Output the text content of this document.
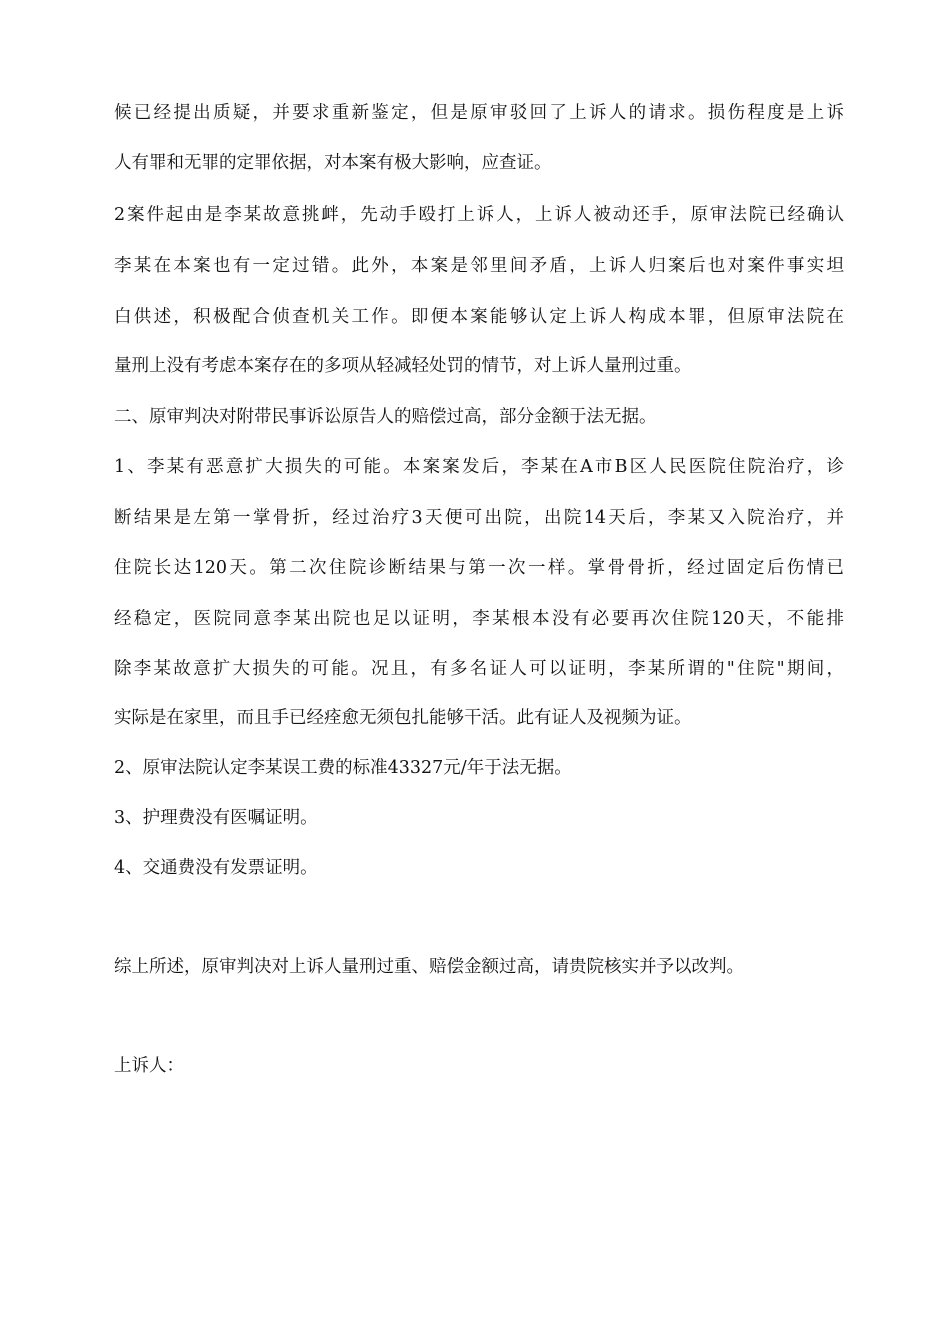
候已经提出质疑，并要求重新鉴定，但是原审驳回了上诉人的请求。损伤程度是上诉
人有罪和无罪的定罪依据，对本案有极大影响，应查证。
2案件起由是李某故意挑衅，先动手殴打上诉人，上诉人被动还手，原审法院已经确认
李某在本案也有一定过错。此外，本案是邻里间矛盾，上诉人归案后也对案件事实坦
白供述，积极配合侦查机关工作。即便本案能够认定上诉人构成本罪，但原审法院在
量刑上没有考虑本案存在的多项从轻减轻处罚的情节，对上诉人量刑过重。
二、原审判决对附带民事诉讼原告人的赔偿过高，部分金额于法无据。
1、李某有恶意扩大损失的可能。本案案发后，李某在A市B区人民医院住院治疗，诊
断结果是左第一掌骨折，经过治疗3天便可出院，出院14天后，李某又入院治疗，并
住院长达120天。第二次住院诊断结果与第一次一样。掌骨骨折，经过固定后伤情已
经稳定，医院同意李某出院也足以证明，李某根本没有必要再次住院120天，不能排
除李某故意扩大损失的可能。况且，有多名证人可以证明，李某所谓的"住院"期间，
实际是在家里，而且手已经痊愈无须包扎能够干活。此有证人及视频为证。
2、原审法院认定李某误工费的标准43327元/年于法无据。
3、护理费没有医嘱证明。
4、交通费没有发票证明。
综上所述，原审判决对上诉人量刑过重、赔偿金额过高，请贵院核实并予以改判。
上诉人：
